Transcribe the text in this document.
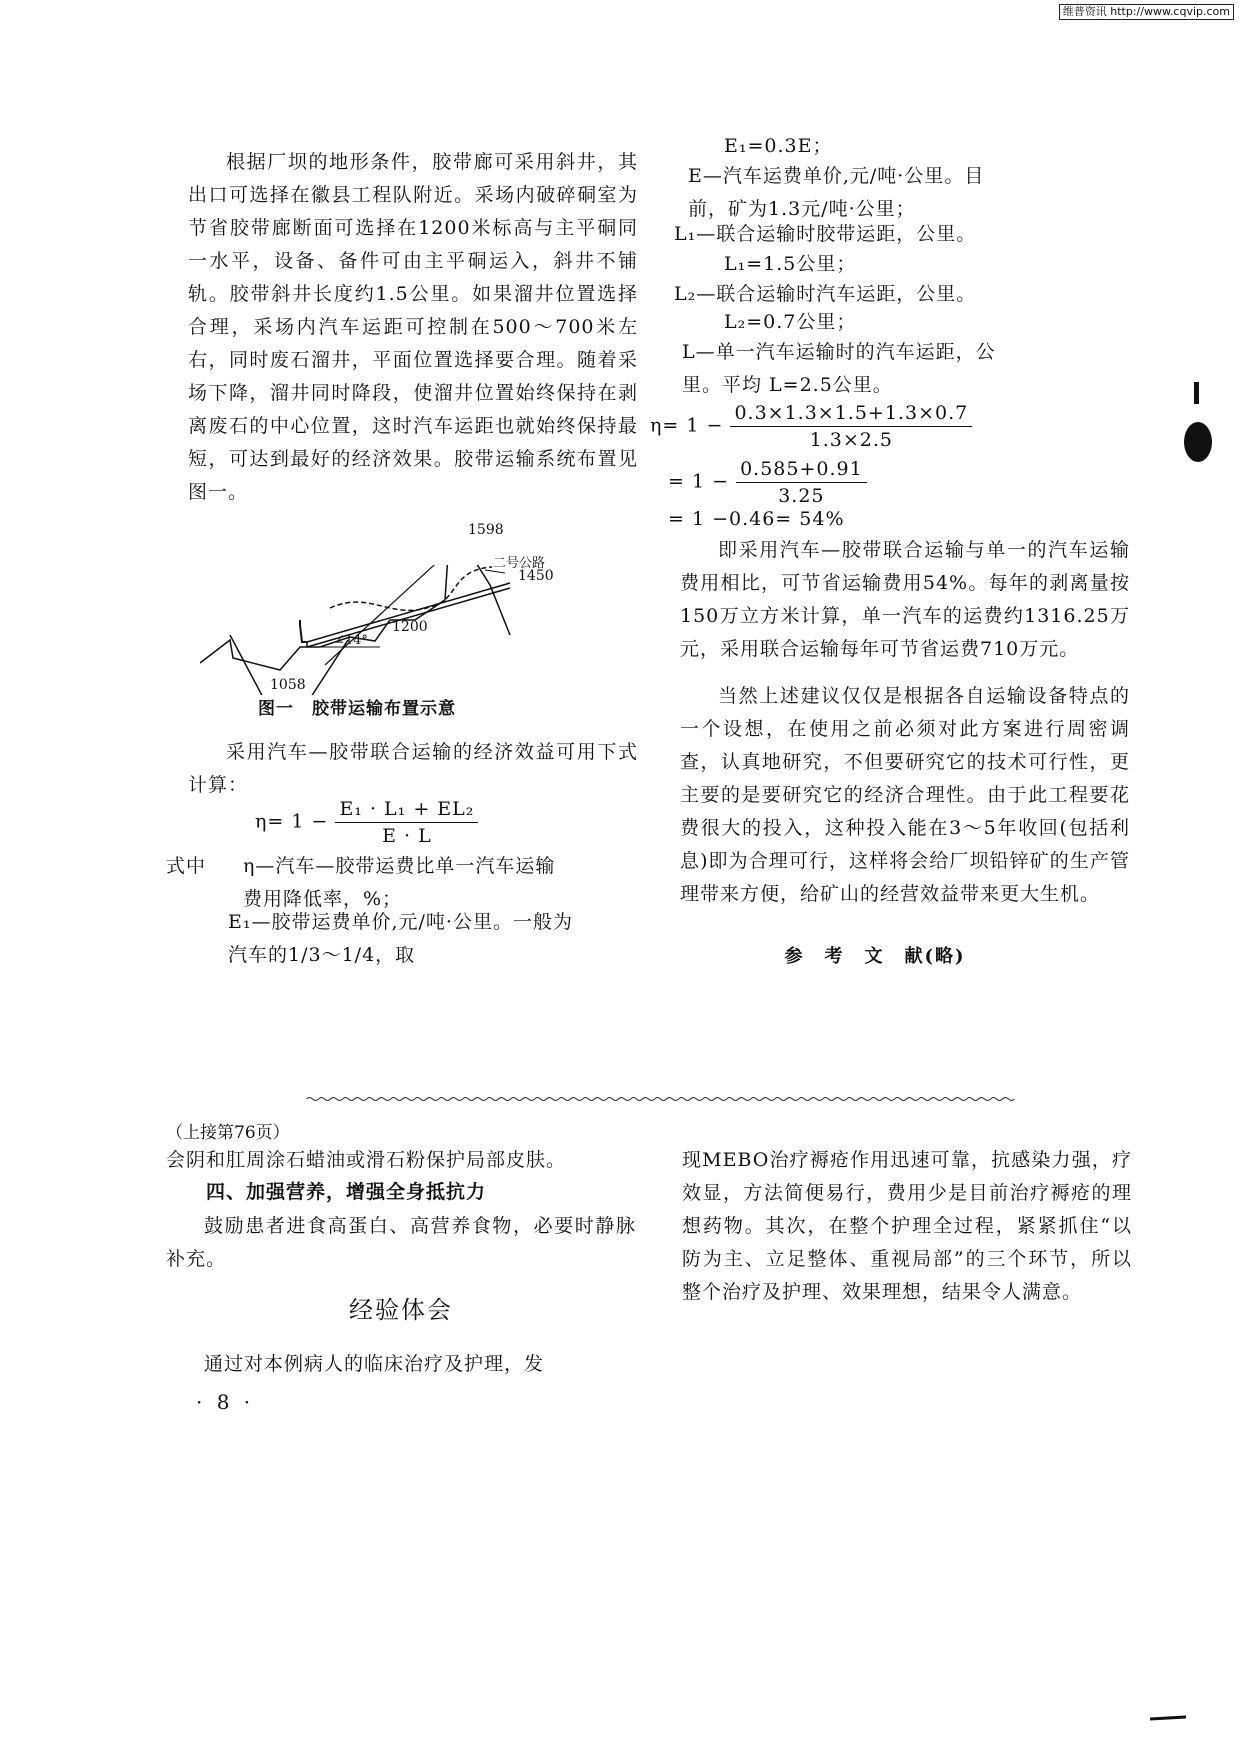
维普资讯 http://www.cqvip.com
根据厂坝的地形条件，胶带廊可采用斜井，其出口可选择在徽县工程队附近。采场内破碎硐室为节省胶带廊断面可选择在1200米标高与主平硐同一水平，设备、备件可由主平硐运入，斜井不铺轨。胶带斜井长度约1.5公里。如果溜井位置选择合理，采场内汽车运距可控制在500～700米左右，同时废石溜井，平面位置选择要合理。随着采场下降，溜井同时降段，使溜井位置始终保持在剥离废石的中心位置，这时汽车运距也就始终保持最短，可达到最好的经济效果。胶带运输系统布置见图一。
1598
二号公路
1450
1200
∠14°
1058
图一　胶带运输布置示意
采用汽车—胶带联合运输的经济效益可用下式计算：
$\eta= 1 - \frac{\text{E₁ · L₁ + EL₂}}{E \cdot L}$
式中 η—汽车—胶带运费比单一汽车运输费用降低率，%；
E₁—胶带运费单价,元/吨·公里。一般为汽车的1/3～1/4，取
E₁=0.3E；
E—汽车运费单价,元/吨·公里。目前，矿为1.3元/吨·公里；
L₁—联合运输时胶带运距，公里。
L₁=1.5公里；
L₂—联合运输时汽车运距，公里。
L₂=0.7公里；
L—单一汽车运输时的汽车运距，公里。平均 L=2.5公里。
$\eta= 1 - \frac{0.3\times 1.3\times 1.5+1.3\times 0.7}{1.3\times 2.5}$
= $1 - \frac{0.585+0.91}{3.25}$
= 1 −0.46= 54%
即采用汽车—胶带联合运输与单一的汽车运输费用相比，可节省运输费用54%。每年的剥离量按150万立方米计算，单一汽车的运费约1316.25万元，采用联合运输每年可节省运费710万元。
当然上述建议仅仅是根据各自运输设备特点的一个设想，在使用之前必须对此方案进行周密调查，认真地研究，不但要研究它的技术可行性，更主要的是要研究它的经济合理性。由于此工程要花费很大的投入，这种投入能在3～5年收回(包括利息)即为合理可行，这样将会给厂坝铅锌矿的生产管理带来方便，给矿山的经营效益带来更大生机。
参　考　文　献(略)
（上接第76页）
会阴和肛周涂石蜡油或滑石粉保护局部皮肤。
四、加强营养，增强全身抵抗力
鼓励患者进食高蛋白、高营养食物，必要时静脉补充。
经验体会
通过对本例病人的临床治疗及护理，发
现MEBO治疗褥疮作用迅速可靠，抗感染力强，疗效显，方法简便易行，费用少是目前治疗褥疮的理想药物。其次，在整个护理全过程，紧紧抓住“以防为主、立足整体、重视局部”的三个环节，所以整个治疗及护理、效果理想，结果令人满意。
· 8 ·
